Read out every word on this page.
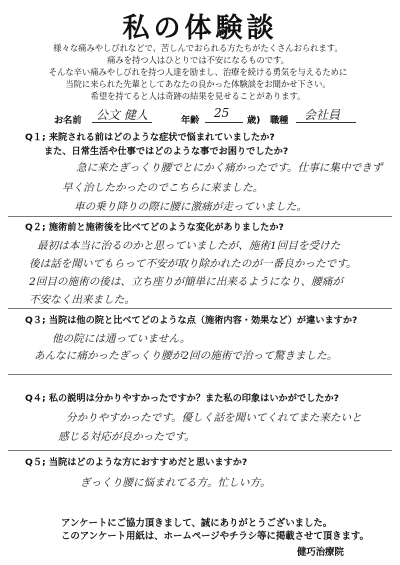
私の体験談
様々な痛みやしびれなどで、苦しんでおられる方たちがたくさんおられます。
痛みを持つ人はひとりでは不安になるものです。
そんな辛い痛みやしびれを持つ人達を励まし、治療を続ける勇気を与えるために
当院に来られた先輩としてあなたの良かった体験談をお聞かせ下さい。
希望を持てると人は奇跡の結果を見せることがあります。
お名前 公文 健人	年齢
25
歳) 職種 会社員
Q１; 来院される前はどのような症状で悩まれていましたか?
また、日常生活や仕事ではどのような事でお困りでしたか?
急に来たぎっくり腰でとにかく痛かったです。仕事に集中できず
早く治したかったのでこちらに来ました。
車の乗り降りの際に腰に激痛が走っていました。
Q２; 施術前と施術後を比べてどのような変化がありましたか?
最初は本当に治るのかと思っていましたが、施術1回目を受けた
後は話を聞いてもらって不安が取り除かれたのが一番良かったです。
2回目の施術の後は、立ち座りが簡単に出来るようになり、腰痛が
不安なく出来ました。
Q３; 当院は他の院と比べてどのような点（施術内容・効果など）が違いますか?
他の院には通っていません。
あんなに痛かったぎっくり腰が2回の施術で治って驚きました。
Q４; 私の説明は分かりやすかったですか？また私の印象はいかがでしたか?
分かりやすかったです。優しく話を聞いてくれてまた来たいと
感じる対応が良かったです。
Q５; 当院はどのような方におすすめだと思いますか?
ぎっくり腰に悩まれてる方。忙しい方。
アンケートにご協力頂きまして、誠にありがとうございました。
このアンケート用紙は、ホームページやチラシ等に掲載させて頂きます。
健巧治療院
